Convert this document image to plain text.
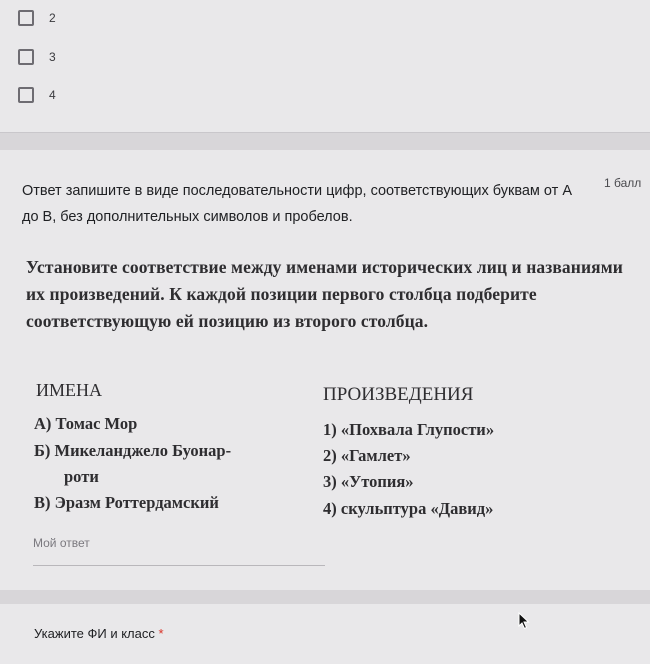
2
3
4
Ответ запишите в виде последовательности цифр, соответствующих буквам от А до В, без дополнительных символов и пробелов.
1 балл
Установите соответствие между именами исторических лиц и названиями их произведений. К каждой позиции первого столбца подберите соответствующую ей позицию из второго столбца.
ИМЕНА	ПРОИЗВЕДЕНИЯ
А) Томас Мор
Б) Микеланджело Буонар-
роти
В) Эразм Роттердамский
1) «Похвала Глупости»
2) «Гамлет»
3) «Утопия»
4) скульптура «Давид»
Мой ответ
Укажите ФИ и класс *
